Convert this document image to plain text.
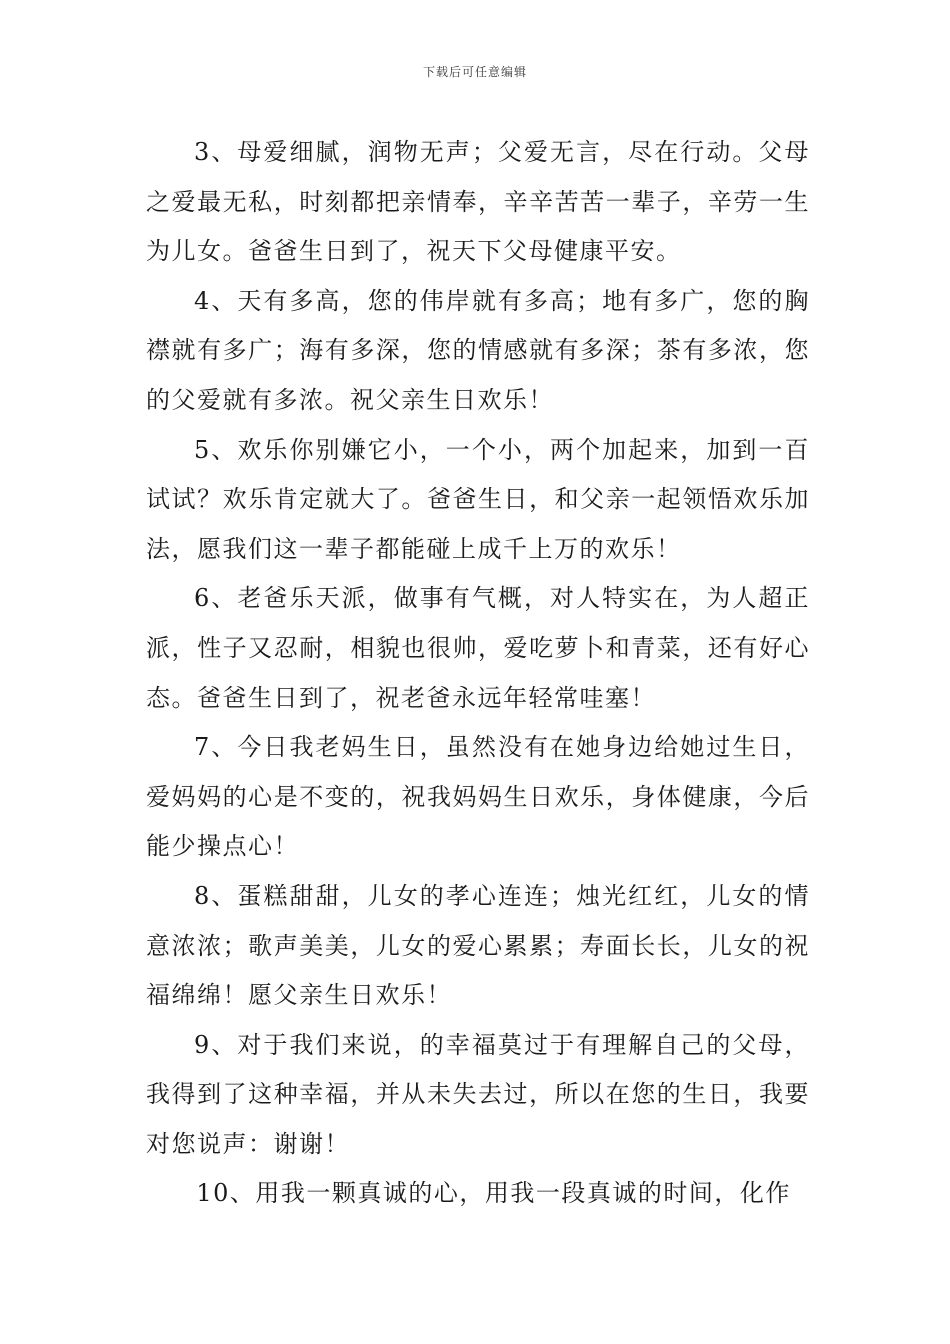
下载后可任意编辑

3、母爱细腻，润物无声；父爱无言，尽在行动。父母之爱最无私，时刻都把亲情奉，辛辛苦苦一辈子，辛劳一生为儿女。爸爸生日到了，祝天下父母健康平安。

4、天有多高，您的伟岸就有多高；地有多广，您的胸襟就有多广；海有多深，您的情感就有多深；茶有多浓，您的父爱就有多浓。祝父亲生日欢乐！

5、欢乐你别嫌它小，一个小，两个加起来，加到一百试试？欢乐肯定就大了。爸爸生日，和父亲一起领悟欢乐加法，愿我们这一辈子都能碰上成千上万的欢乐！

6、老爸乐天派，做事有气概，对人特实在，为人超正派，性子又忍耐，相貌也很帅，爱吃萝卜和青菜，还有好心态。爸爸生日到了，祝老爸永远年轻常哇塞！

7、今日我老妈生日，虽然没有在她身边给她过生日，爱妈妈的心是不变的，祝我妈妈生日欢乐，身体健康，今后能少操点心！

8、蛋糕甜甜，儿女的孝心连连；烛光红红，儿女的情意浓浓；歌声美美，儿女的爱心累累；寿面长长，儿女的祝福绵绵！愿父亲生日欢乐！

9、对于我们来说，的幸福莫过于有理解自己的父母，我得到了这种幸福，并从未失去过，所以在您的生日，我要对您说声：谢谢！

10、用我一颗真诚的心，用我一段真诚的时间，化作
